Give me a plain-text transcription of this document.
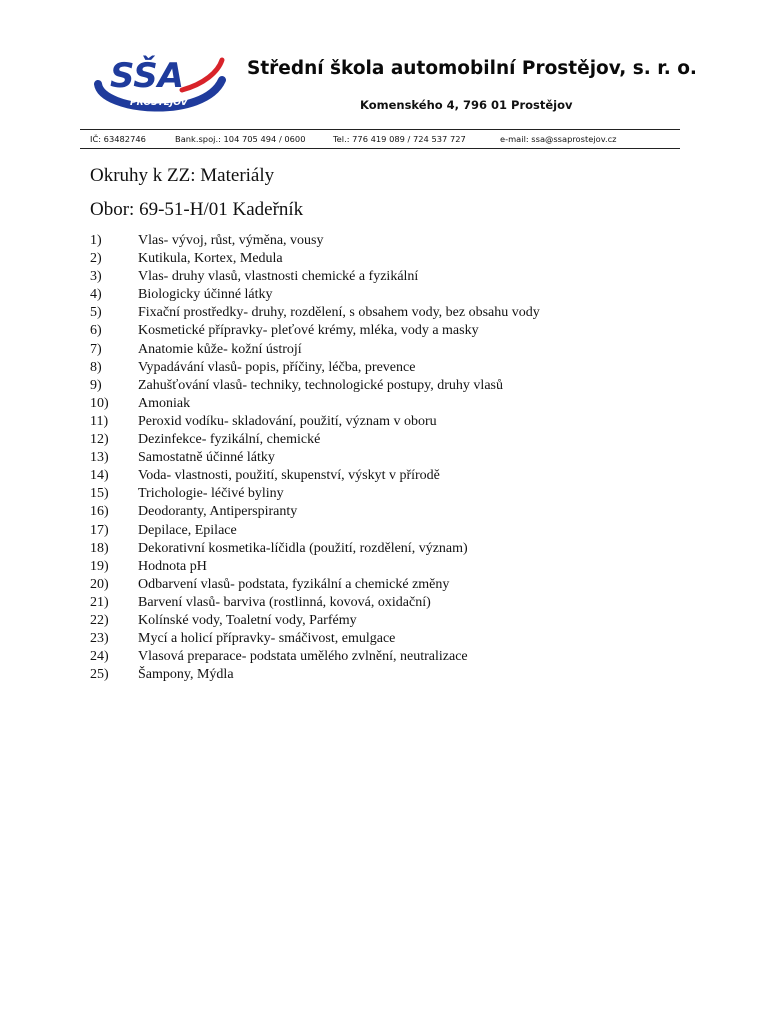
SŠA
PROSTĚJOV
Střední škola automobilní Prostějov, s. r. o.
Komenského 4, 796 01 Prostějov
IČ: 63482746	Bank.spoj.: 104 705 494 / 0600	Tel.: 776 419 089 / 724 537 727	e-mail: ssa@ssaprostejov.cz
Okruhy k ZZ: Materiály
Obor: 69-51-H/01 Kadeřník
1)	Vlas- vývoj, růst, výměna, vousy
2)	Kutikula, Kortex, Medula
3)	Vlas- druhy vlasů, vlastnosti chemické a fyzikální
4)	Biologicky účinné látky
5)	Fixační prostředky- druhy, rozdělení, s obsahem vody, bez obsahu vody
6)	Kosmetické přípravky- pleťové krémy, mléka, vody a masky
7)	Anatomie kůže- kožní ústrojí
8)	Vypadávání vlasů- popis, příčiny, léčba, prevence
9)	Zahušťování vlasů- techniky, technologické postupy, druhy vlasů
10) Amoniak
11) Peroxid vodíku- skladování, použití, význam v oboru
12) Dezinfekce- fyzikální, chemické
13) Samostatně účinné látky
14) Voda- vlastnosti, použití, skupenství, výskyt v přírodě
15) Trichologie- léčivé byliny
16) Deodoranty, Antiperspiranty
17) Depilace, Epilace
18) Dekorativní kosmetika-líčidla (použití, rozdělení, význam)
19) Hodnota pH
20) Odbarvení vlasů- podstata, fyzikální a chemické změny
21) Barvení vlasů- barviva (rostlinná, kovová, oxidační)
22) Kolínské vody, Toaletní vody, Parfémy
23) Mycí a holicí přípravky- smáčivost, emulgace
24) Vlasová preparace- podstata umělého zvlnění, neutralizace
25) Šampony, Mýdla
